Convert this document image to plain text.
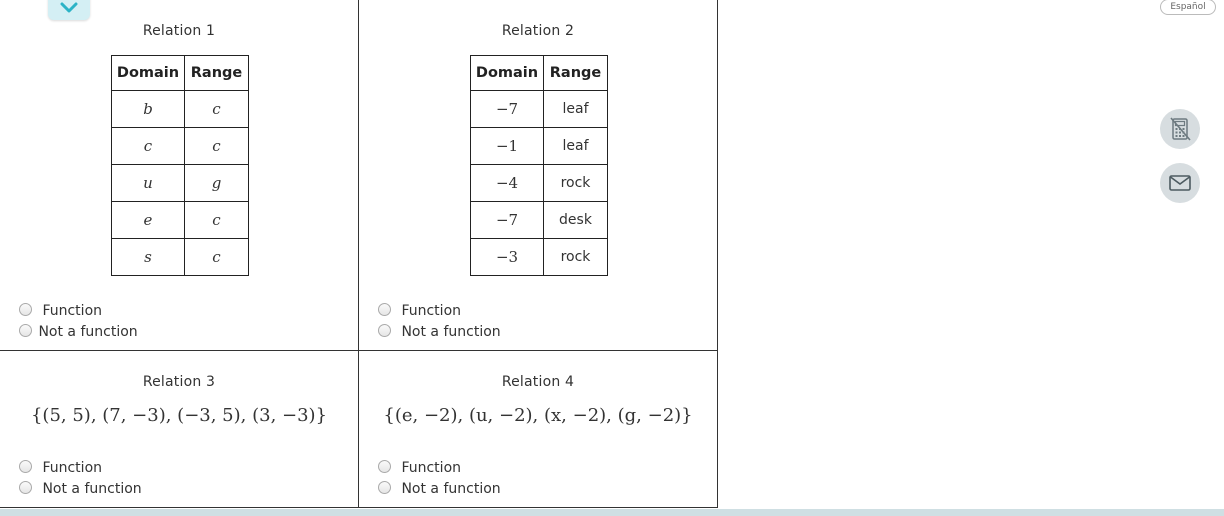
Relation 1
Domain	Range
b	c
c	c
u	g
e	c
s	c
Function
Not a function
Relation 2
Domain	Range
−7	leaf
−1	leaf
−4	rock
−7	desk
−3	rock
Function
Not a function
Relation 3
{(5, 5), (7, −3), (−3, 5), (3, −3)}
Function
Not a function
Relation 4
{(e, −2), (u, −2), (x, −2), (g, −2)}
Function
Not a function
Español
